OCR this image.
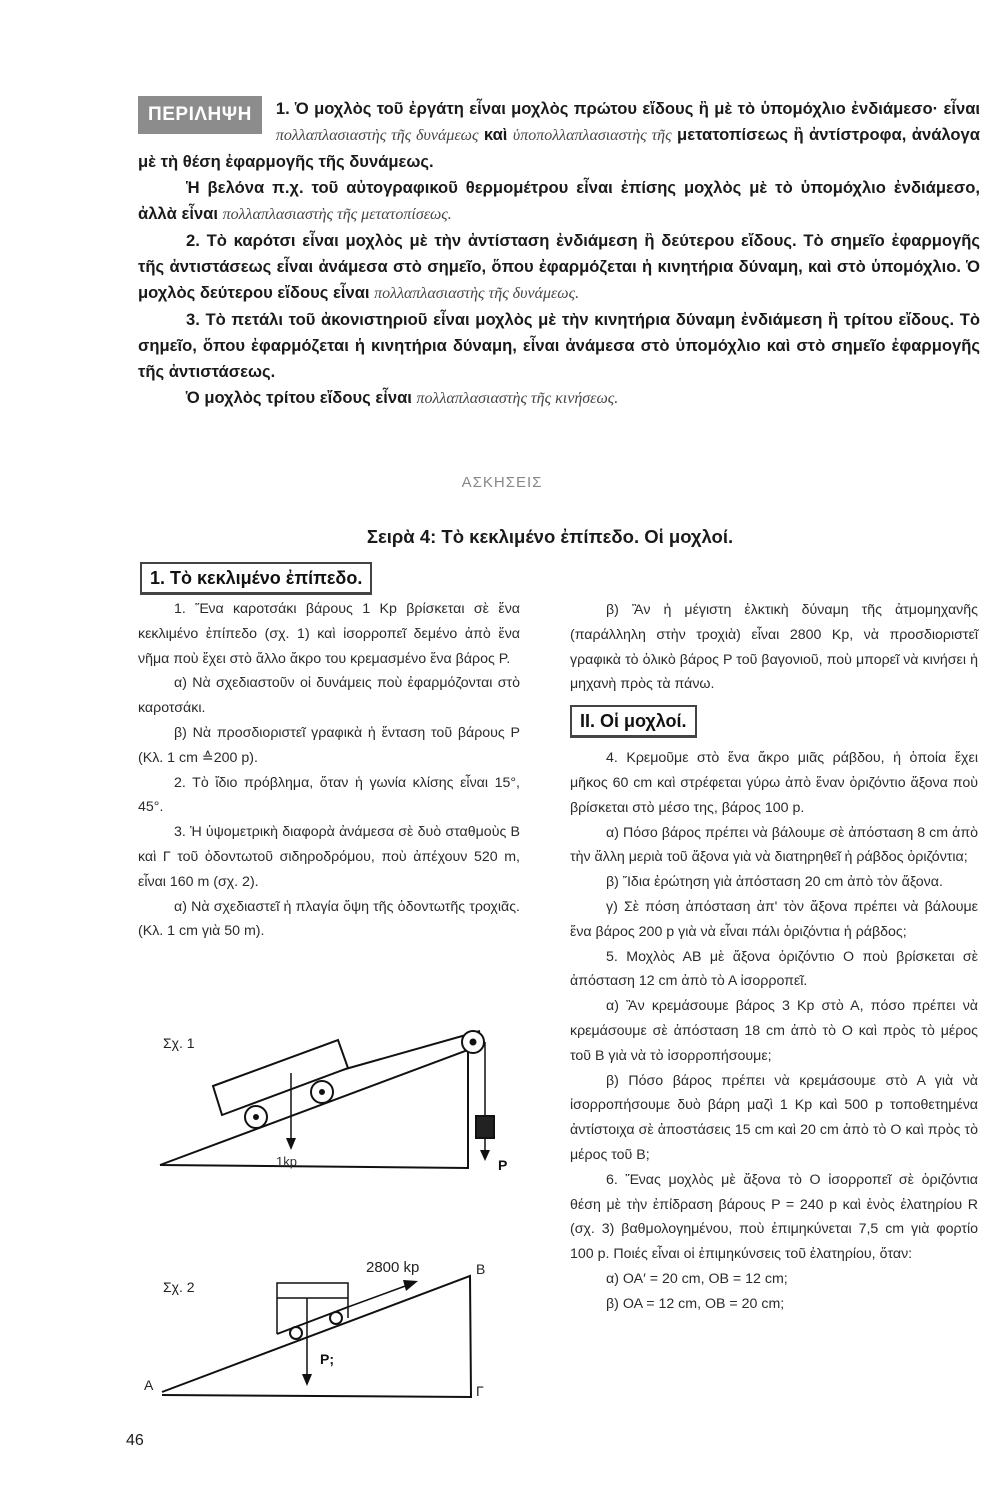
ΠΕΡΙΛΗΨΗ	1. Ὁ μοχλὸς τοῦ ἐργάτη εἶναι μοχλὸς πρώτου εἴδους ἢ μὲ τὸ ὑπομόχλιο ἐνδιάμεσο· εἶναι πολλαπλασιαστὴς τῆς δυνάμεως καὶ ὑποπολλαπλασιαστὴς τῆς μετατοπίσεως ἢ ἀντίστροφα, ἀνάλογα μὲ τὴ θέση ἐφαρμογῆς τῆς δυνάμεως.

Ἡ βελόνα π.χ. τοῦ αὐτογραφικοῦ θερμομέτρου εἶναι ἐπίσης μοχλὸς μὲ τὸ ὑπομόχλιο ἐνδιάμεσο, ἀλλὰ εἶναι πολλαπλασιαστὴς τῆς μετατοπίσεως.

2. Τὸ καρότσι εἶναι μοχλὸς μὲ τὴν ἀντίσταση ἐνδιάμεση ἢ δεύτερου εἴδους. Τὸ σημεῖο ἐφαρμογῆς τῆς ἀντιστάσεως εἶναι ἀνάμεσα στὸ σημεῖο, ὅπου ἐφαρμόζεται ἡ κινητήρια δύναμη, καὶ στὸ ὑπομόχλιο. Ὁ μοχλὸς δεύτερου εἴδους εἶναι πολλαπλασιαστὴς τῆς δυνάμεως.

3. Τὸ πετάλι τοῦ ἀκονιστηριοῦ εἶναι μοχλὸς μὲ τὴν κινητήρια δύναμη ἐνδιάμεση ἢ τρίτου εἴδους. Τὸ σημεῖο, ὅπου ἐφαρμόζεται ἡ κινητήρια δύναμη, εἶναι ἀνάμεσα στὸ ὑπομόχλιο καὶ στὸ σημεῖο ἐφαρμογῆς τῆς ἀντιστάσεως.

Ὁ μοχλὸς τρίτου εἴδους εἶναι πολλαπλασιαστὴς τῆς κινήσεως.

ΑΣΚΗΣΕΙΣ
Σειρὰ 4: Τὸ κεκλιμένο ἐπίπεδο. Οἱ μοχλοί.
1. Τὸ κεκλιμένο ἐπίπεδο.

1. Ἕνα καροτσάκι βάρους 1 Kp βρίσκεται σὲ ἕνα κεκλιμένο ἐπίπεδο (σχ. 1) καὶ ἰσορροπεῖ δεμένο ἀπὸ ἕνα νῆμα ποὺ ἔχει στὸ ἄλλο ἄκρο του κρεμασμένο ἕνα βάρος P.

α) Νὰ σχεδιαστοῦν οἱ δυνάμεις ποὺ ἐφαρμόζονται στὸ καροτσάκι.

β) Νὰ προσδιοριστεῖ γραφικὰ ἡ ἔνταση τοῦ βάρους P (Κλ. 1 cm ≙200 p).

2. Τὸ ἴδιο πρόβλημα, ὅταν ἡ γωνία κλίσης εἶναι 15°, 45°.

3. Ἡ ὑψομετρικὴ διαφορὰ ἀνάμεσα σὲ δυὸ σταθμοὺς Β καὶ Γ τοῦ ὀδοντωτοῦ σιδηροδρόμου, ποὺ ἀπέχουν 520 m, εἶναι 160 m (σχ. 2).

α) Νὰ σχεδιαστεῖ ἡ πλαγία ὄψη τῆς ὀδοντωτῆς τροχιᾶς. (Κλ. 1 cm γιὰ 50 m).

β) Ἂν ἡ μέγιστη ἑλκτικὴ δύναμη τῆς ἀτμομηχανῆς (παράλληλη στὴν τροχιὰ) εἶναι 2800 Kp, νὰ προσδιοριστεῖ γραφικὰ τὸ ὁλικὸ βάρος P τοῦ βαγονιοῦ, ποὺ μπορεῖ νὰ κινήσει ἡ μηχανὴ πρὸς τὰ πάνω.

II. Οἱ μοχλοί.

4. Κρεμοῦμε στὸ ἕνα ἄκρο μιᾶς ράβδου, ἡ ὁποία ἔχει μῆκος 60 cm καὶ στρέφεται γύρω ἀπὸ ἕναν ὁριζόντιο ἄξονα ποὺ βρίσκεται στὸ μέσο της, βάρος 100 p.

α) Πόσο βάρος πρέπει νὰ βάλουμε σὲ ἀπόσταση 8 cm ἀπὸ τὴν ἄλλη μεριὰ τοῦ ἄξονα γιὰ νὰ διατηρηθεῖ ἡ ράβδος ὁριζόντια;

β) Ἴδια ἐρώτηση γιὰ ἀπόσταση 20 cm ἀπὸ τὸν ἄξονα.

γ) Σὲ πόση ἀπόσταση ἀπ' τὸν ἄξονα πρέπει νὰ βάλουμε ἕνα βάρος 200 p γιὰ νὰ εἶναι πάλι ὁριζόντια ἡ ράβδος;

5. Μοχλὸς ΑΒ μὲ ἄξονα ὁριζόντιο Ο ποὺ βρίσκεται σὲ ἀπόσταση 12 cm ἀπὸ τὸ Α ἰσορροπεῖ.

α) Ἂν κρεμάσουμε βάρος 3 Kp στὸ Α, πόσο πρέπει νὰ κρεμάσουμε σὲ ἀπόσταση 18 cm ἀπὸ τὸ Ο καὶ πρὸς τὸ μέρος τοῦ Β γιὰ νὰ τὸ ἰσορροπήσουμε;

β) Πόσο βάρος πρέπει νὰ κρεμάσουμε στὸ Α γιὰ νὰ ἰσορροπήσουμε δυὸ βάρη μαζὶ 1 Kp καὶ 500 p τοποθετημένα ἀντίστοιχα σὲ ἀποστάσεις 15 cm καὶ 20 cm ἀπὸ τὸ Ο καὶ πρὸς τὸ μέρος τοῦ Β;

6. Ἕνας μοχλὸς μὲ ἄξονα τὸ Ο ἰσορροπεῖ σὲ ὁριζόντια θέση μὲ τὴν ἐπίδραση βάρους P = 240 p καὶ ἑνὸς ἐλατηρίου R (σχ. 3) βαθμολογημένου, ποὺ ἐπιμηκύνεται 7,5 cm γιὰ φορτίο 100 p. Ποιές εἶναι οἱ ἐπιμηκύνσεις τοῦ ἐλατηρίου, ὅταν:

α) ΟΑ′ = 20 cm, ΟΒ = 12 cm;

β) ΟΑ = 12 cm, ΟΒ = 20 cm;

Σχ. 1
1kp	P
Σχ. 2
A
B
Γ
2800 kp
P;
46
